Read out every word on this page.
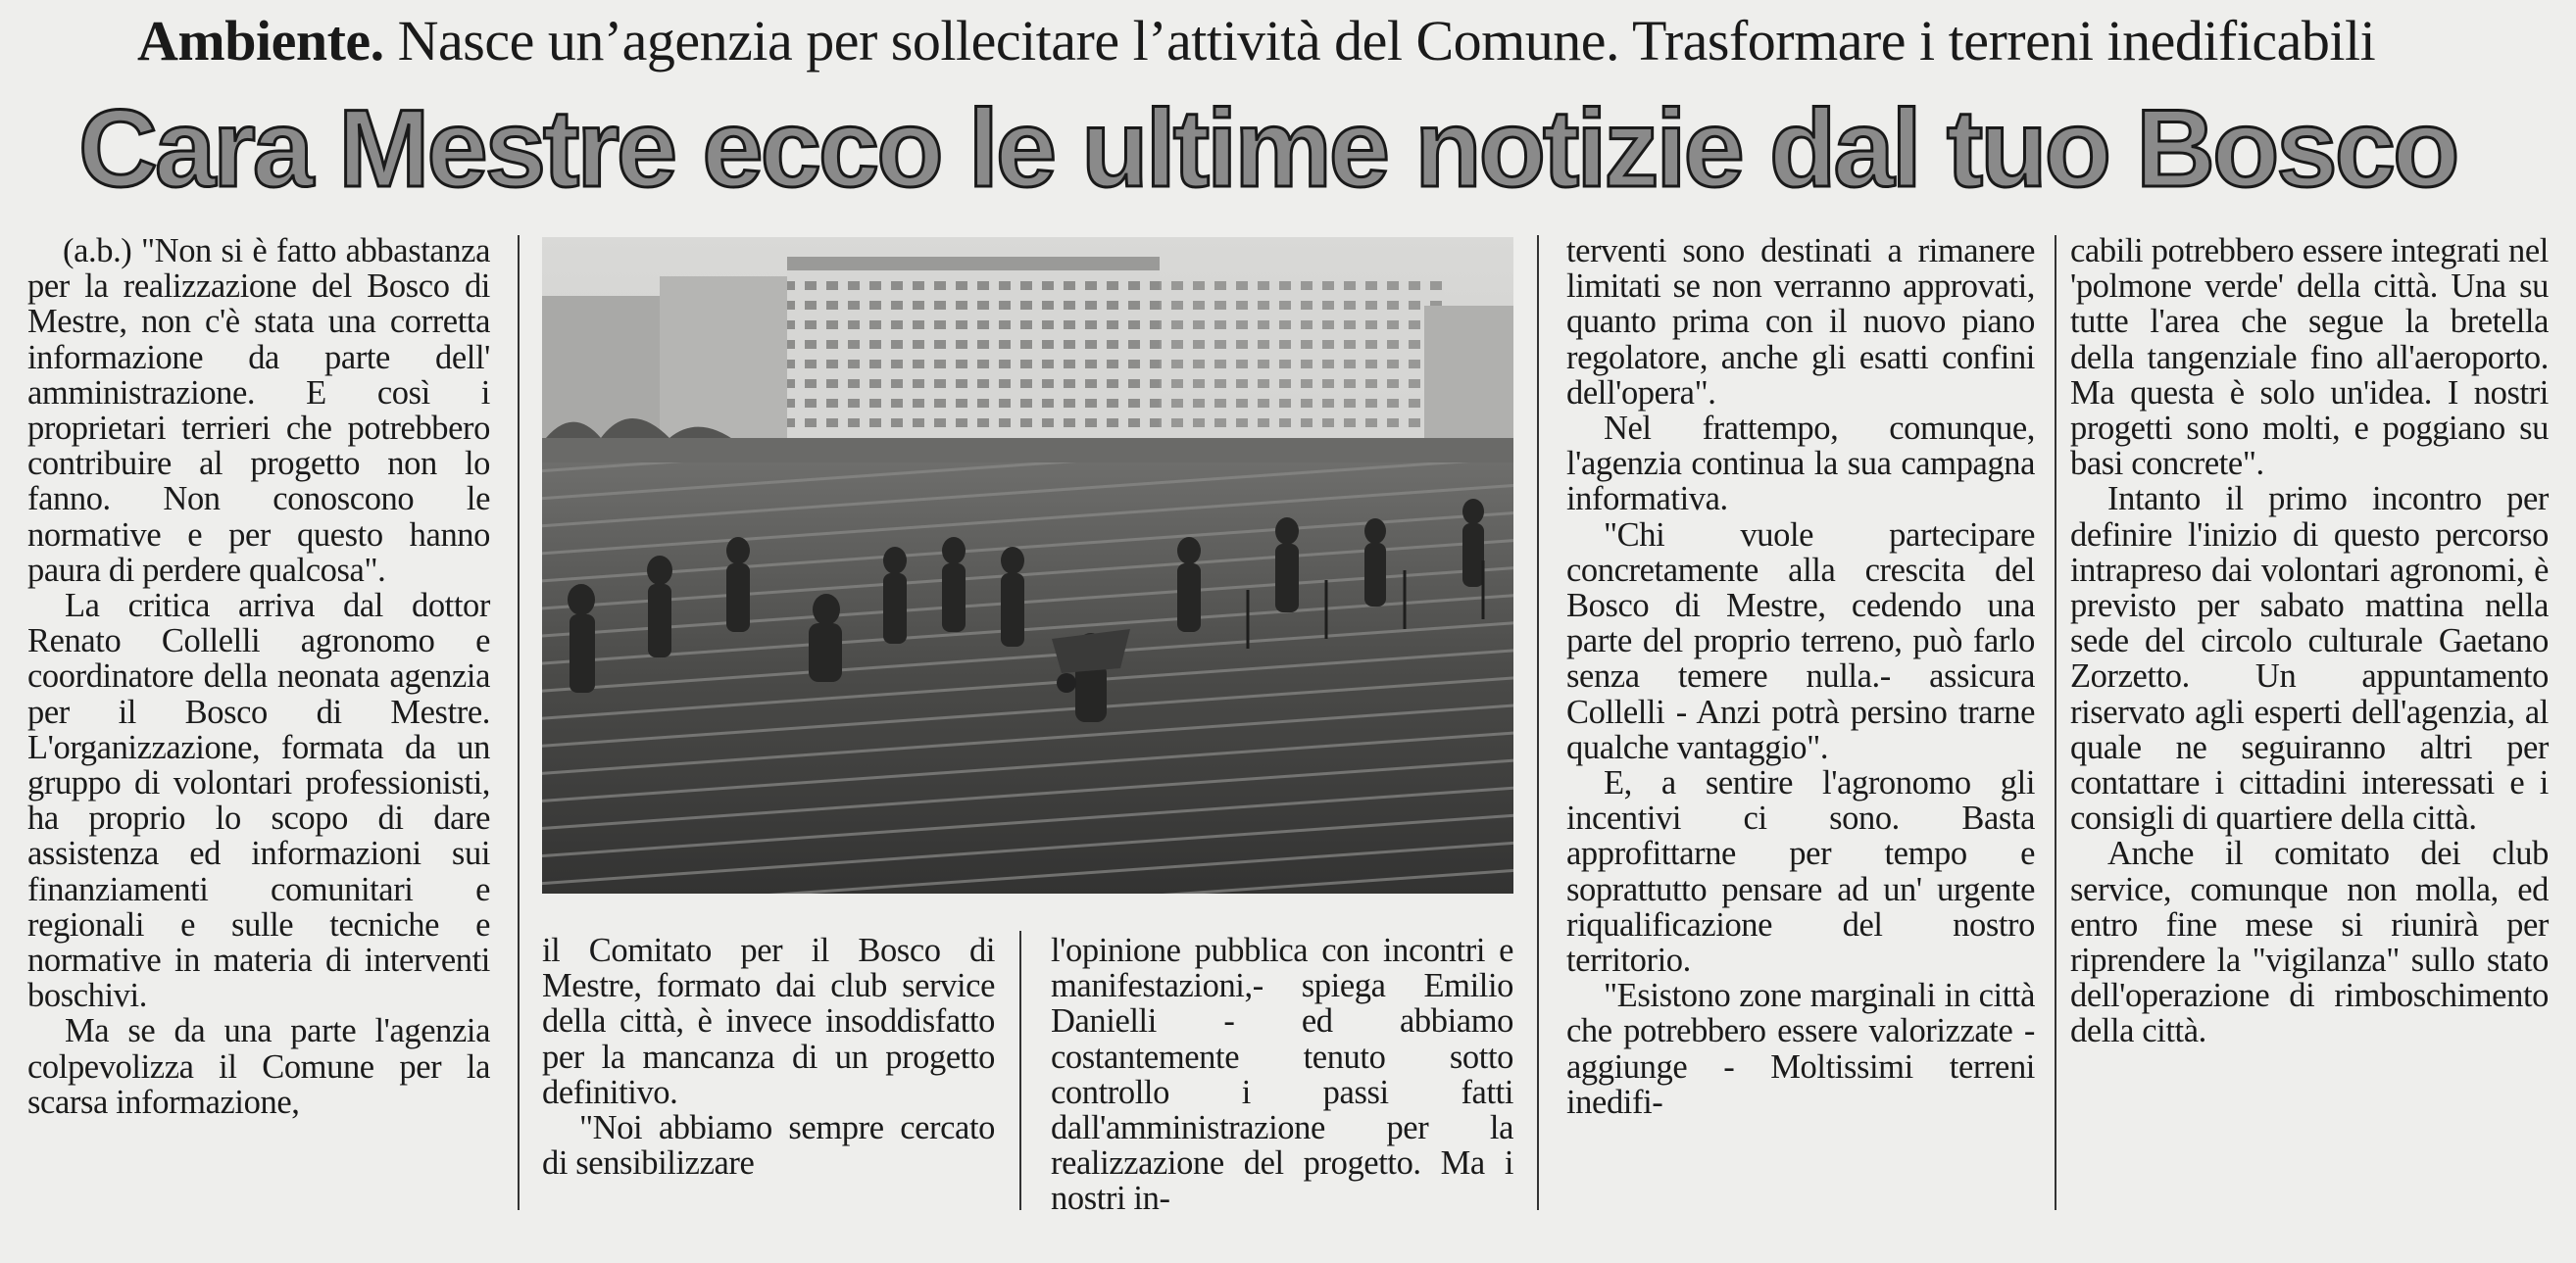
Ambiente. Nasce un’agenzia per sollecitare l’attività del Comune. Trasformare i terreni inedificabili
Cara Mestre ecco le ultime notizie dal tuo Bosco

(a.b.) "Non si è fatto abbastanza per la realizzazione del Bosco di Mestre, non c'è stata una corretta informazione da parte dell' amministrazione. E così i proprietari terrieri che potrebbero contribuire al progetto non lo fanno. Non conoscono le normative e per questo hanno paura di perdere qualcosa".

La critica arriva dal dottor Renato Collelli agronomo e coordinatore della neonata agenzia per il Bosco di Mestre. L'organizzazione, formata da un gruppo di volontari professionisti, ha proprio lo scopo di dare assistenza ed informazioni sui finanziamenti comunitari e regionali e sulle tecniche e normative in materia di interventi boschivi.

Ma se da una parte l'agenzia colpevolizza il Comune per la scarsa informazione,

il Comitato per il Bosco di Mestre, formato dai club service della città, è invece insoddisfatto per la mancanza di un progetto definitivo.

"Noi abbiamo sempre cercato di sensibilizzare

l'opinione pubblica con incontri e manifestazioni,- spiega Emilio Danielli - ed abbiamo costantemente tenuto sotto controllo i passi fatti dall'amministrazione per la realizzazione del progetto. Ma i nostri in-

terventi sono destinati a rimanere limitati se non verranno approvati, quanto prima con il nuovo piano regolatore, anche gli esatti confini dell'opera".

Nel frattempo, comunque, l'agenzia continua la sua campagna informativa.

"Chi vuole partecipare concretamente alla crescita del Bosco di Mestre, cedendo una parte del proprio terreno, può farlo senza temere nulla.- assicura Collelli - Anzi potrà persino trarne qualche vantaggio".

E, a sentire l'agronomo gli incentivi ci sono. Basta approfittarne per tempo e soprattutto pensare ad un' urgente riqualificazione del nostro territorio.

"Esistono zone marginali in città che potrebbero essere valorizzate - aggiunge - Moltissimi terreni inedifi-

cabili potrebbero essere integrati nel 'polmone verde' della città. Una su tutte l'area che segue la bretella della tangenziale fino all'aeroporto. Ma questa è solo un'idea. I nostri progetti sono molti, e poggiano su basi concrete".

Intanto il primo incontro per definire l'inizio di questo percorso intrapreso dai volontari agronomi, è previsto per sabato mattina nella sede del circolo culturale Gaetano Zorzetto. Un appuntamento riservato agli esperti dell'agenzia, al quale ne seguiranno altri per contattare i cittadini interessati e i consigli di quartiere della città.

Anche il comitato dei club service, comunque non molla, ed entro fine mese si riunirà per riprendere la "vigilanza" sullo stato dell'operazione di rimboschimento della città.
